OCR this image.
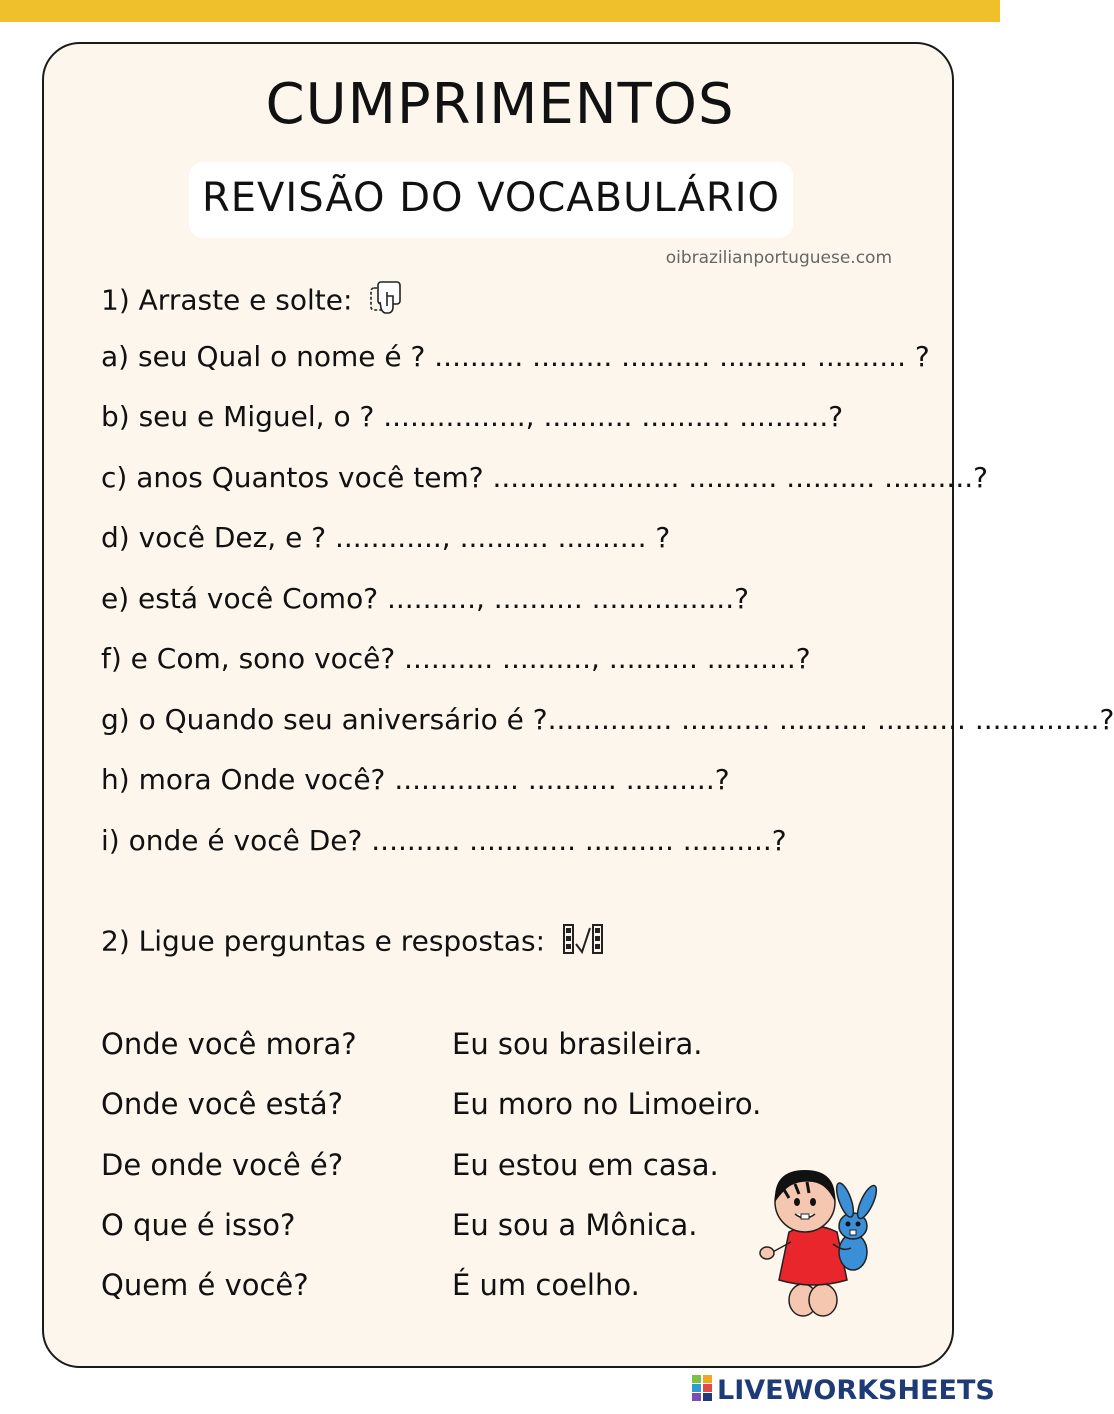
CUMPRIMENTOS
REVISÃO DO VOCABULÁRIO
oibrazilianportuguese.com
1) Arraste e solte:
a) seu Qual o nome é ? .......... ......... .......... .......... .......... ?
b) seu e Miguel, o ? ................, .......... .......... ..........?
c) anos Quantos você tem? ..................... .......... .......... ..........?
d) você Dez, e ? ............, .......... .......... ?
e) está você Como? .........., .......... ................?
f) e Com, sono você? .......... .........., .......... ..........?
g) o Quando seu aniversário é ?.............. .......... .......... .......... ..............?
h) mora Onde você? .............. .......... ..........?
i) onde é você De? .......... ............ .......... ..........?
2) Ligue perguntas e respostas:
Onde você mora?
Onde você está?
De onde você é?
O que é isso?
Quem é você?
Eu sou brasileira.
Eu moro no Limoeiro.
Eu estou em casa.
Eu sou a Mônica.
É um coelho.
LIVEWORKSHEETS
